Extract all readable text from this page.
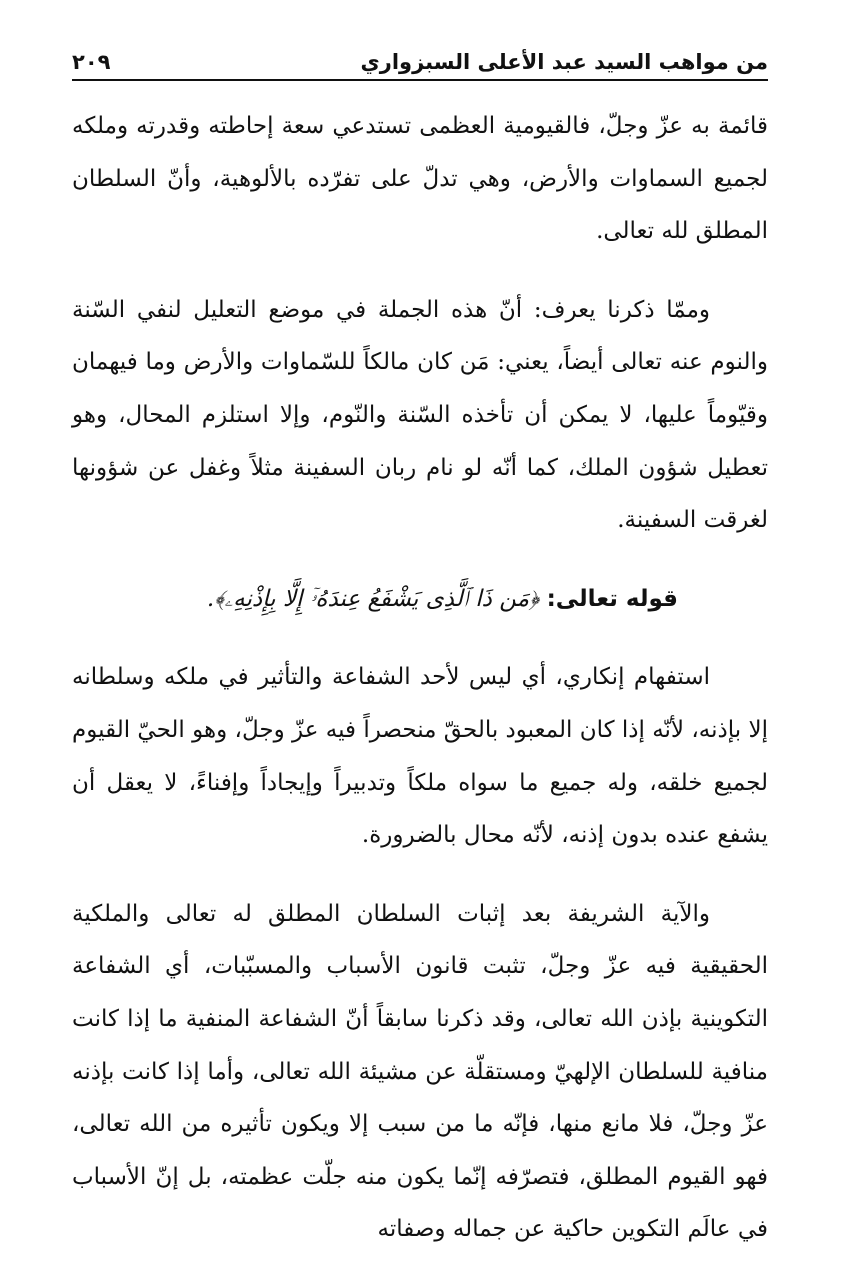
من مواهب السيد عبد الأعلى السبزواري
٢٠٩

قائمة به عزّ وجلّ، فالقيومية العظمى تستدعي سعة إحاطته وقدرته وملكه لجميع السماوات والأرض، وهي تدلّ على تفرّده بالألوهية، وأنّ السلطان المطلق لله تعالى.

وممّا ذكرنا يعرف: أنّ هذه الجملة في موضع التعليل لنفي السّنة والنوم عنه تعالى أيضاً، يعني: مَن كان مالكاً للسّماوات والأرض وما فيهمان وقيّوماً عليها، لا يمكن أن تأخذه السّنة والنّوم، وإلا استلزم المحال، وهو تعطيل شؤون الملك، كما أنّه لو نام ربان السفينة مثلاً وغفل عن شؤونها لغرقت السفينة.

قوله تعالى: ﴿مَن ذَا ٱلَّذِى يَشْفَعُ عِندَهُۥٓ إِلَّا بِإِذْنِهِۦ﴾.

استفهام إنكاري، أي ليس لأحد الشفاعة والتأثير في ملكه وسلطانه إلا بإذنه، لأنّه إذا كان المعبود بالحقّ منحصراً فيه عزّ وجلّ، وهو الحيّ القيوم لجميع خلقه، وله جميع ما سواه ملكاً وتدبيراً وإيجاداً وإفناءً، لا يعقل أن يشفع عنده بدون إذنه، لأنّه محال بالضرورة.

والآية الشريفة بعد إثبات السلطان المطلق له تعالى والملكية الحقيقية فيه عزّ وجلّ، تثبت قانون الأسباب والمسبّبات، أي الشفاعة التكوينية بإذن الله تعالى، وقد ذكرنا سابقاً أنّ الشفاعة المنفية ما إذا كانت منافية للسلطان الإلهيّ ومستقلّة عن مشيئة الله تعالى، وأما إذا كانت بإذنه عزّ وجلّ، فلا مانع منها، فإنّه ما من سبب إلا ويكون تأثيره من الله تعالى، فهو القيوم المطلق، فتصرّفه إنّما يكون منه جلّت عظمته، بل إنّ الأسباب في عالَم التكوين حاكية عن جماله وصفاته
